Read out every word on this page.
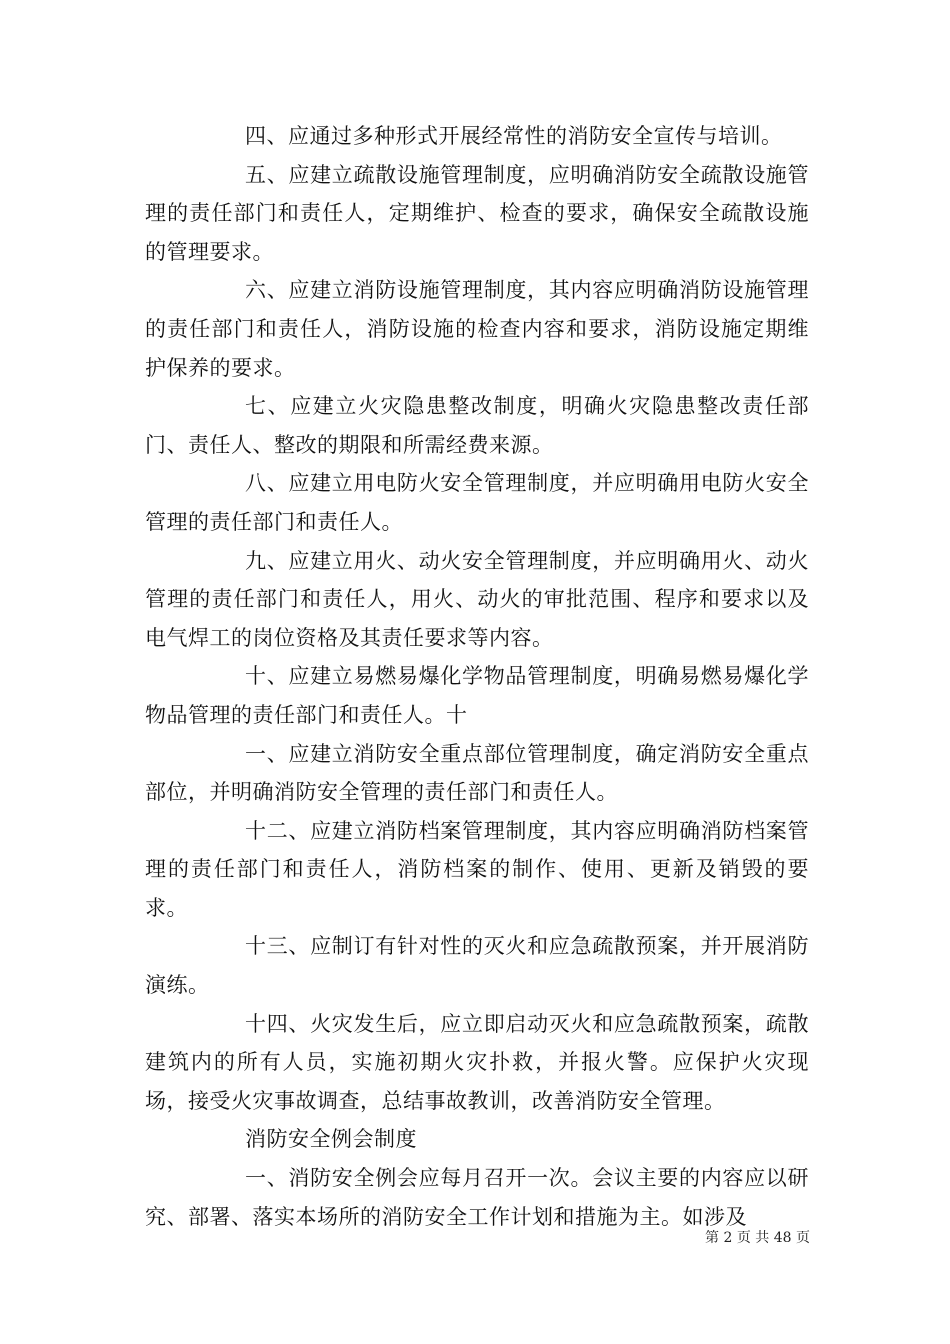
四、应通过多种形式开展经常性的消防安全宣传与培训。

五、应建立疏散设施管理制度，应明确消防安全疏散设施管理的责任部门和责任人，定期维护、检查的要求，确保安全疏散设施的管理要求。

六、应建立消防设施管理制度，其内容应明确消防设施管理的责任部门和责任人，消防设施的检查内容和要求，消防设施定期维护保养的要求。

七、应建立火灾隐患整改制度，明确火灾隐患整改责任部门、责任人、整改的期限和所需经费来源。

八、应建立用电防火安全管理制度，并应明确用电防火安全管理的责任部门和责任人。

九、应建立用火、动火安全管理制度，并应明确用火、动火管理的责任部门和责任人，用火、动火的审批范围、程序和要求以及电气焊工的岗位资格及其责任要求等内容。

十、应建立易燃易爆化学物品管理制度，明确易燃易爆化学物品管理的责任部门和责任人。十

一、应建立消防安全重点部位管理制度，确定消防安全重点部位，并明确消防安全管理的责任部门和责任人。

十二、应建立消防档案管理制度，其内容应明确消防档案管理的责任部门和责任人，消防档案的制作、使用、更新及销毁的要求。

十三、应制订有针对性的灭火和应急疏散预案，并开展消防演练。

十四、火灾发生后，应立即启动灭火和应急疏散预案，疏散建筑内的所有人员，实施初期火灾扑救，并报火警。应保护火灾现场，接受火灾事故调查，总结事故教训，改善消防安全管理。

消防安全例会制度

一、消防安全例会应每月召开一次。会议主要的内容应以研究、部署、落实本场所的消防安全工作计划和措施为主。如涉及

第 2 页 共 48 页
